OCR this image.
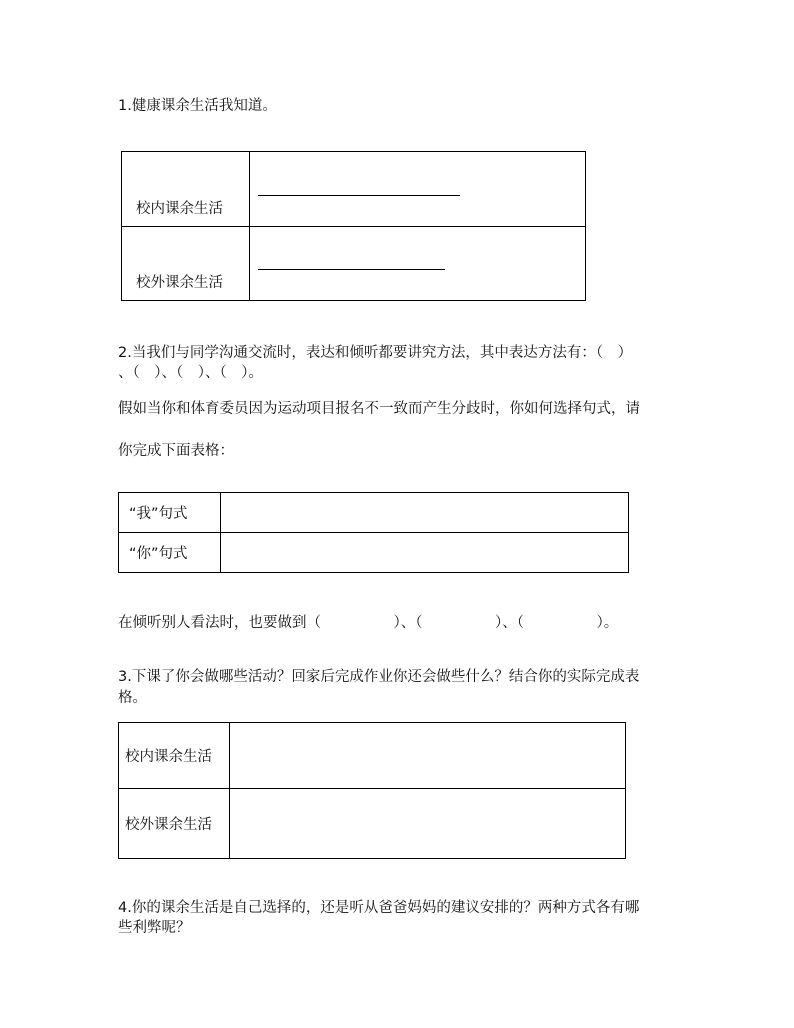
1.健康课余生活我知道。
校内课余生活	

校外课余生活	
2.当我们与同学沟通交流时，表达和倾听都要讲究方法，其中表达方法有：（　）
、（　）、（　）、（　）。
假如当你和体育委员因为运动项目报名不一致而产生分歧时，你如何选择句式，请
你完成下面表格：
“我”句式	
“你”句式	
在倾听别人看法时，也要做到（　　　　　）、（　　　　　）、（　　　　　）。
3.下课了你会做哪些活动？回家后完成作业你还会做些什么？结合你的实际完成表
格。
校内课余生活	
校外课余生活	
4.你的课余生活是自己选择的，还是听从爸爸妈妈的建议安排的？两种方式各有哪
些利弊呢？
